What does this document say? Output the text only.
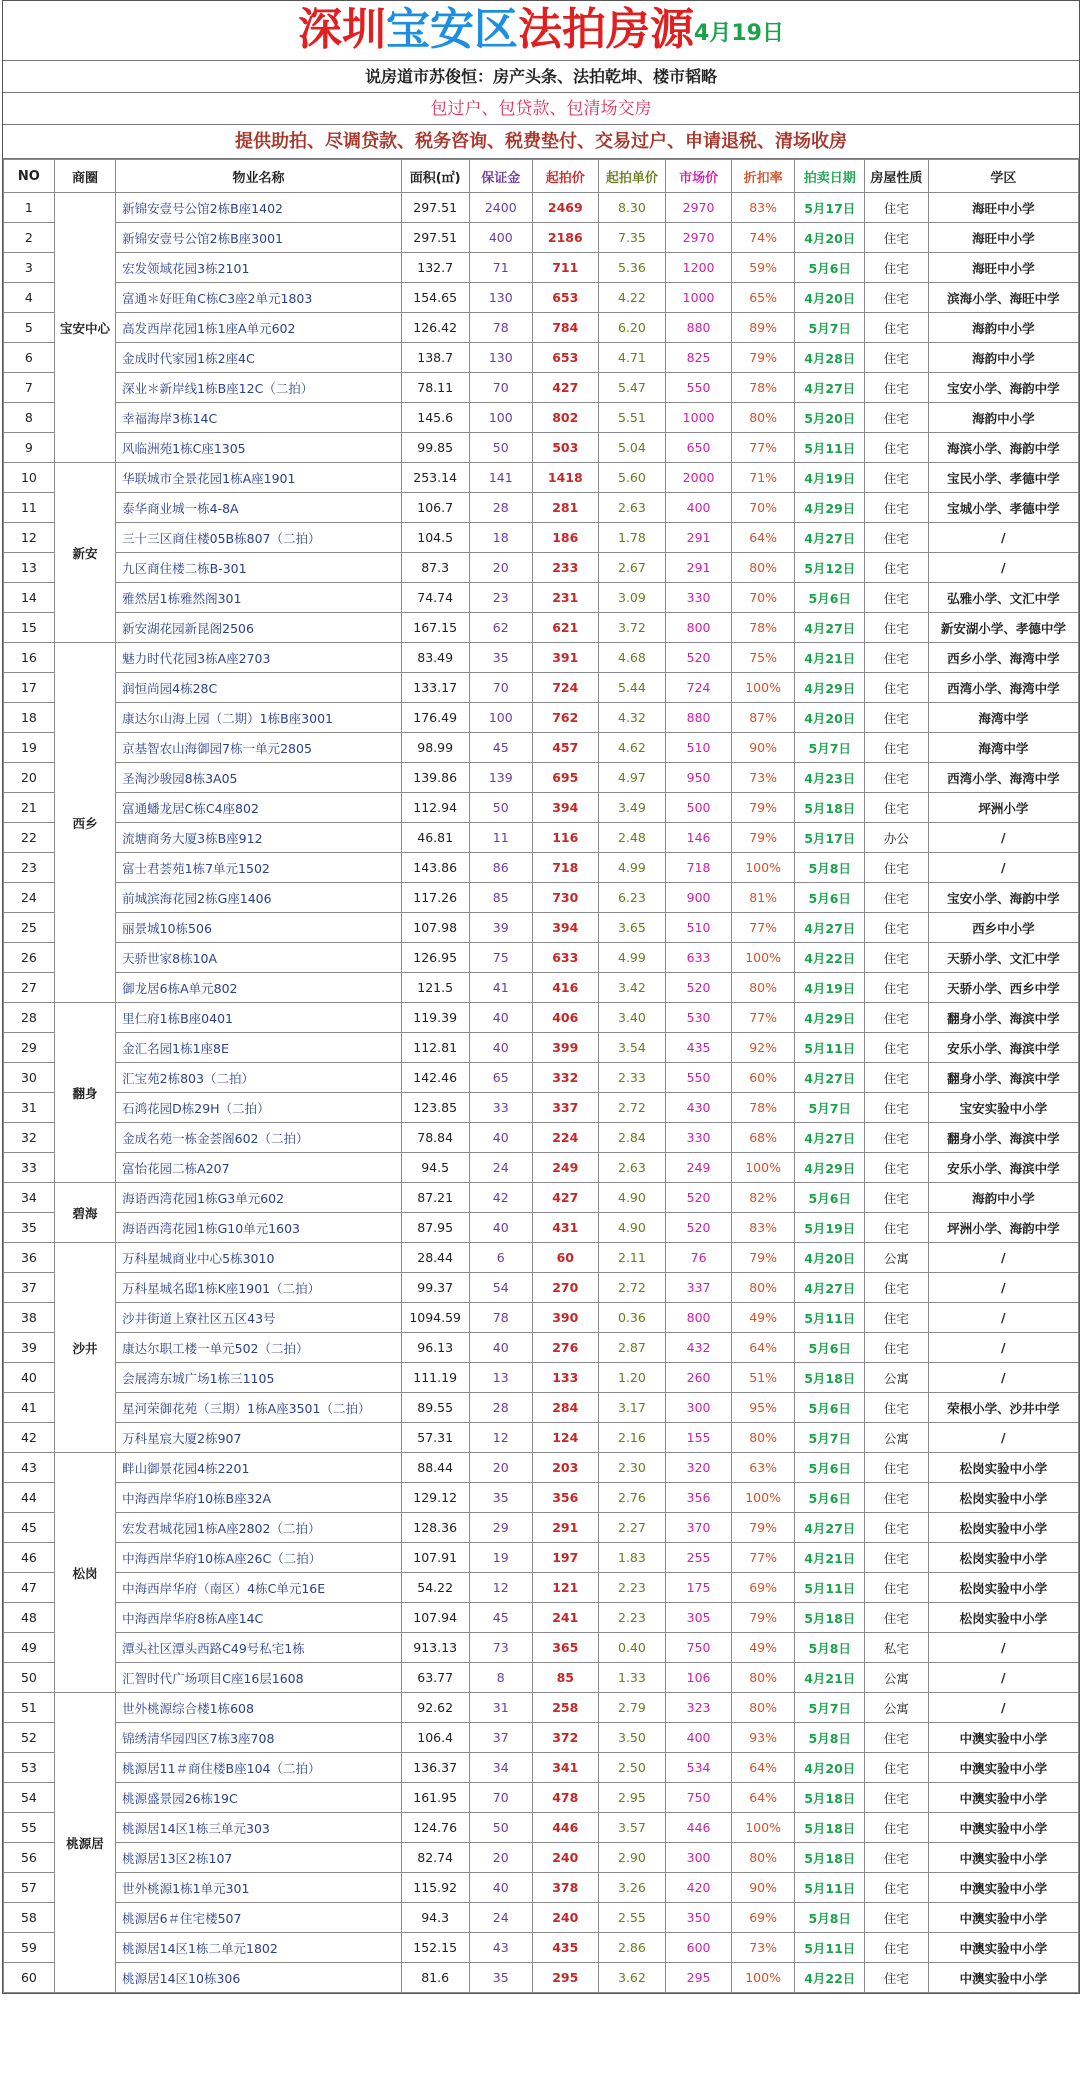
深圳宝安区法拍房源4月19日
说房道市苏俊恒：房产头条、法拍乾坤、楼市韬略
包过户、包贷款、包清场交房
提供助拍、尽调贷款、税务咨询、税费垫付、交易过户、申请退税、清场收房
NO	商圈	物业名称	面积(㎡)	保证金	起拍价	起拍单价	市场价	折扣率	拍卖日期	房屋性质	学区
1	宝安中心	新锦安壹号公馆2栋B座1402	297.51	2400	2469	8.30	2970	83%	5月17日	住宅	海旺中小学
2		新锦安壹号公馆2栋B座3001	297.51	400	2186	7.35	2970	74%	4月20日	住宅	海旺中小学
3		宏发领域花园3栋2101	132.7	71	711	5.36	1200	59%	5月6日	住宅	海旺中小学
4		富通＊好旺角C栋C3座2单元1803	154.65	130	653	4.22	1000	65%	4月20日	住宅	滨海小学、海旺中学
5		高发西岸花园1栋1座A单元602	126.42	78	784	6.20	880	89%	5月7日	住宅	海韵中小学
6		金成时代家园1栋2座4C	138.7	130	653	4.71	825	79%	4月28日	住宅	海韵中小学
7		深业＊新岸线1栋B座12C（二拍）	78.11	70	427	5.47	550	78%	4月27日	住宅	宝安小学、海韵中学
8		幸福海岸3栋14C	145.6	100	802	5.51	1000	80%	5月20日	住宅	海韵中小学
9		风临洲苑1栋C座1305	99.85	50	503	5.04	650	77%	5月11日	住宅	海滨小学、海韵中学
10	新安	华联城市全景花园1栋A座1901	253.14	141	1418	5.60	2000	71%	4月19日	住宅	宝民小学、孝德中学
11		泰华商业城一栋4-8A	106.7	28	281	2.63	400	70%	4月29日	住宅	宝城小学、孝德中学
12		三十三区商住楼05B栋807（二拍）	104.5	18	186	1.78	291	64%	4月27日	住宅	/
13		九区商住楼二栋B-301	87.3	20	233	2.67	291	80%	5月12日	住宅	/
14		雅然居1栋雅然阁301	74.74	23	231	3.09	330	70%	5月6日	住宅	弘雅小学、文汇中学
15		新安湖花园新昆阁2506	167.15	62	621	3.72	800	78%	4月27日	住宅	新安湖小学、孝德中学
16	西乡	魅力时代花园3栋A座2703	83.49	35	391	4.68	520	75%	4月21日	住宅	西乡小学、海湾中学
17		润恒尚园4栋28C	133.17	70	724	5.44	724	100%	4月29日	住宅	西湾小学、海湾中学
18		康达尔山海上园（二期）1栋B座3001	176.49	100	762	4.32	880	87%	4月20日	住宅	海湾中学
19		京基智农山海御园7栋一单元2805	98.99	45	457	4.62	510	90%	5月7日	住宅	海湾中学
20		圣淘沙骏园8栋3A05	139.86	139	695	4.97	950	73%	4月23日	住宅	西湾小学、海湾中学
21		富通蟠龙居C栋C4座802	112.94	50	394	3.49	500	79%	5月18日	住宅	坪洲小学
22		流塘商务大厦3栋B座912	46.81	11	116	2.48	146	79%	5月17日	办公	/
23		富士君荟苑1栋7单元1502	143.86	86	718	4.99	718	100%	5月8日	住宅	/
24		前城滨海花园2栋G座1406	117.26	85	730	6.23	900	81%	5月6日	住宅	宝安小学、海韵中学
25		丽景城10栋506	107.98	39	394	3.65	510	77%	4月27日	住宅	西乡中小学
26		天骄世家8栋10A	126.95	75	633	4.99	633	100%	4月22日	住宅	天骄小学、文汇中学
27		御龙居6栋A单元802	121.5	41	416	3.42	520	80%	4月19日	住宅	天骄小学、西乡中学
28	翻身	里仁府1栋B座0401	119.39	40	406	3.40	530	77%	4月29日	住宅	翻身小学、海滨中学
29		金汇名园1栋1座8E	112.81	40	399	3.54	435	92%	5月11日	住宅	安乐小学、海滨中学
30		汇宝苑2栋803（二拍）	142.46	65	332	2.33	550	60%	4月27日	住宅	翻身小学、海滨中学
31		石鸿花园D栋29H（二拍）	123.85	33	337	2.72	430	78%	5月7日	住宅	宝安实验中小学
32		金成名苑一栋金荟阁602（二拍）	78.84	40	224	2.84	330	68%	4月27日	住宅	翻身小学、海滨中学
33		富怡花园二栋A207	94.5	24	249	2.63	249	100%	4月29日	住宅	安乐小学、海滨中学
34	碧海	海语西湾花园1栋G3单元602	87.21	42	427	4.90	520	82%	5月6日	住宅	海韵中小学
35		海语西湾花园1栋G10单元1603	87.95	40	431	4.90	520	83%	5月19日	住宅	坪洲小学、海韵中学
36	沙井	万科星城商业中心5栋3010	28.44	6	60	2.11	76	79%	4月20日	公寓	/
37		万科星城名邸1栋K座1901（二拍）	99.37	54	270	2.72	337	80%	4月27日	住宅	/
38		沙井街道上寮社区五区43号	1094.59	78	390	0.36	800	49%	5月11日	住宅	/
39		康达尔职工楼一单元502（二拍）	96.13	40	276	2.87	432	64%	5月6日	住宅	/
40		会展湾东城广场1栋三1105	111.19	13	133	1.20	260	51%	5月18日	公寓	/
41		星河荣御花苑（三期）1栋A座3501（二拍）	89.55	28	284	3.17	300	95%	5月6日	住宅	荣根小学、沙井中学
42		万科星宸大厦2栋907	57.31	12	124	2.16	155	80%	5月7日	公寓	/
43	松岗	畔山御景花园4栋2201	88.44	20	203	2.30	320	63%	5月6日	住宅	松岗实验中小学
44		中海西岸华府10栋B座32A	129.12	35	356	2.76	356	100%	5月6日	住宅	松岗实验中小学
45		宏发君城花园1栋A座2802（二拍）	128.36	29	291	2.27	370	79%	4月27日	住宅	松岗实验中小学
46		中海西岸华府10栋A座26C（二拍）	107.91	19	197	1.83	255	77%	4月21日	住宅	松岗实验中小学
47		中海西岸华府（南区）4栋C单元16E	54.22	12	121	2.23	175	69%	5月11日	住宅	松岗实验中小学
48		中海西岸华府8栋A座14C	107.94	45	241	2.23	305	79%	5月18日	住宅	松岗实验中小学
49		潭头社区潭头西路C49号私宅1栋	913.13	73	365	0.40	750	49%	5月8日	私宅	/
50		汇智时代广场项目C座16层1608	63.77	8	85	1.33	106	80%	4月21日	公寓	/
51	桃源居	世外桃源综合楼1栋608	92.62	31	258	2.79	323	80%	5月7日	公寓	/
52		锦绣清华园四区7栋3座708	106.4	37	372	3.50	400	93%	5月8日	住宅	中澳实验中小学
53		桃源居11＃商住楼B座104（二拍）	136.37	34	341	2.50	534	64%	4月20日	住宅	中澳实验中小学
54		桃源盛景园26栋19C	161.95	70	478	2.95	750	64%	5月18日	住宅	中澳实验中小学
55		桃源居14区1栋三单元303	124.76	50	446	3.57	446	100%	5月18日	住宅	中澳实验中小学
56		桃源居13区2栋107	82.74	20	240	2.90	300	80%	5月18日	住宅	中澳实验中小学
57		世外桃源1栋1单元301	115.92	40	378	3.26	420	90%	5月11日	住宅	中澳实验中小学
58		桃源居6＃住宅楼507	94.3	24	240	2.55	350	69%	5月8日	住宅	中澳实验中小学
59		桃源居14区1栋二单元1802	152.15	43	435	2.86	600	73%	5月11日	住宅	中澳实验中小学
60		桃源居14区10栋306	81.6	35	295	3.62	295	100%	4月22日	住宅	中澳实验中小学
